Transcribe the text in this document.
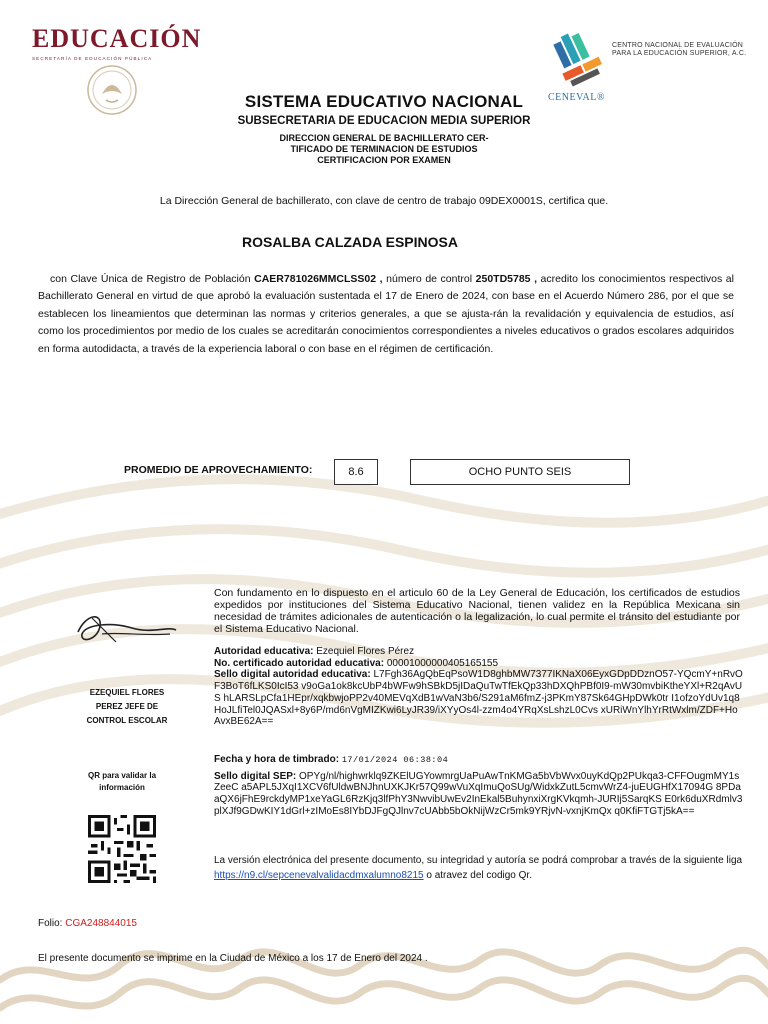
EDUCACIÓN
SECRETARÍA DE EDUCACIÓN PÚBLICA
CENTRO NACIONAL DE EVALUACIÓN PARA LA EDUCACIÓN SUPERIOR, A.C.
CENEVAL®
SISTEMA EDUCATIVO NACIONAL
SUBSECRETARIA DE EDUCACION MEDIA SUPERIOR
DIRECCION GENERAL DE BACHILLERATO CER-
TIFICADO DE TERMINACION DE ESTUDIOS
CERTIFICACION POR EXAMEN
La Dirección General de bachillerato, con clave de centro de trabajo 09DEX0001S, certifica que.
ROSALBA CALZADA ESPINOSA
con Clave Única de Registro de Población CAER781026MMCLSS02 , número de control 250TD5785 , acredito los conocimientos respectivos al Bachillerato General en virtud de que aprobó la evaluación sustentada el 17 de Enero de 2024, con base en el Acuerdo Número 286, por el que se establecen los lineamientos que determinan las normas y criterios generales, a que se ajusta-rán la revalidación y equivalencia de estudios, así como los procedimientos por medio de los cuales se acreditarán conocimientos correspondientes a niveles educativos o grados escolares adquiridos en forma autodidacta, a través de la experiencia laboral o con base en el régimen de certificación.
PROMEDIO DE APROVECHAMIENTO:	8.6	OCHO PUNTO SEIS
EZEQUIEL FLORES
PEREZ JEFE DE
CONTROL ESCOLAR
QR para validar la
información
Con fundamento en lo dispuesto en el articulo 60 de la Ley General de Educación, los certificados de estudios expedidos por instituciones del Sistema Educativo Nacional, tienen validez en la República Mexicana sin necesidad de trámites adicionales de autenticación o la legalización, lo cual permite el tránsito del estudiante por el Sistema Educativo Nacional.
Autoridad educativa: Ezequiel Flores Pérez
No. certificado autoridad educativa: 00001000000405165155
Sello digital autoridad educativa: L7Fgh36AgQbEqPsoW1D8ghbMW7377IKNaX06EyxGDpDDznO57-YQcmY+nRvOF3BoT6fLKS0IcI53 v9oGa1ok8kcUbP4bWFw9hSBkD5jIDaQuTwTfEkQp33hDXQhPBf0I9-mW30mvbiKtheYXl+R2qAvUS hLARSLpCfa1HEpr/xqkbwjoPP2v40MEVqXdB1wVaN3b6/S291aM6fmZ-j3PKmY87Sk64GHpDWk0tr I1ofzoYdUv1q8HoJLfiTel0JQASxl+8y6P/md6nVgMIZKwi6LyJR39/iXYyOs4l-zzm4o4YRqXsLshzL0Cvs xURiWnYlhYrRtWxlm/ZDF+HoAvxBE62A==
Fecha y hora de timbrado: 17/01/2024 06:38:04
Sello digital SEP: OPYg/nl/highwrklq9ZKElUGYowmrgUaPuAwTnKMGa5bVbWvx0uyKdQp2PUkqa3-CFFOugmMY1sZeeC a5APL5JXqI1XCV6fUldwBNJhnUXKJKr57Q99wVuXqImuQoSUg/WidxkZutL5cmvWrZ4-juEUGHfX17094G 8PDaaQX6jFhE9rckdyMP1xeYaGL6RzKjq3lfPhY3NwvibUwEv2InEkal5BuhynxiXrgKVkqmh-JURIj5SarqKS E0rk6duXRdmlv3plXJf9GDwKIY1dGrl+zIMoEs8IYbDJFgQJlnv7cUAbb5bOkNijWzCr5mk9YRjvN-vxnjKmQx q0KfiFTGTj5kA==
La versión electrónica del presente documento, su integridad y autoría se podrá comprobar a través de la siguiente liga https://n9.cl/sepcenevalvalidacdmxalumno8215 o atravez del codigo Qr.
Folio: CGA248844015
El presente documento se imprime en la Ciudad de México a los 17 de Enero del 2024 .
